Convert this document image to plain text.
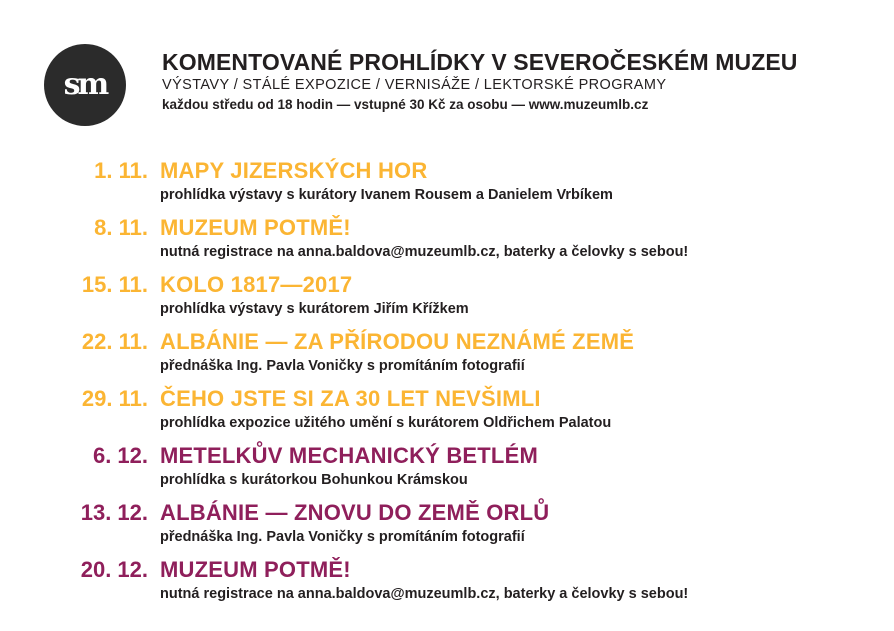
sm
KOMENTOVANÉ PROHLÍDKY V SEVEROČESKÉM MUZEU
VÝSTAVY / STÁLÉ EXPOZICE / VERNISÁŽE / LEKTORSKÉ PROGRAMY
každou středu od 18 hodin — vstupné 30 Kč za osobu — www.muzeumlb.cz
1. 11. MAPY JIZERSKÝCH HOR
prohlídka výstavy s kurátory Ivanem Rousem a Danielem Vrbíkem
8. 11. MUZEUM POTMĚ!
nutná registrace na anna.baldova@muzeumlb.cz, baterky a čelovky s sebou!
15. 11. KOLO 1817—2017
prohlídka výstavy s kurátorem Jiřím Křížkem
22. 11. ALBÁNIE — ZA PŘÍRODOU NEZNÁMÉ ZEMĚ
přednáška Ing. Pavla Voničky s promítáním fotografií
29. 11. ČEHO JSTE SI ZA 30 LET NEVŠIMLI
prohlídka expozice užitého umění s kurátorem Oldřichem Palatou
6. 12. METELKŮV MECHANICKÝ BETLÉM
prohlídka s kurátorkou Bohunkou Krámskou
13. 12. ALBÁNIE — ZNOVU DO ZEMĚ ORLŮ
přednáška Ing. Pavla Voničky s promítáním fotografií
20. 12. MUZEUM POTMĚ!
nutná registrace na anna.baldova@muzeumlb.cz, baterky a čelovky s sebou!
